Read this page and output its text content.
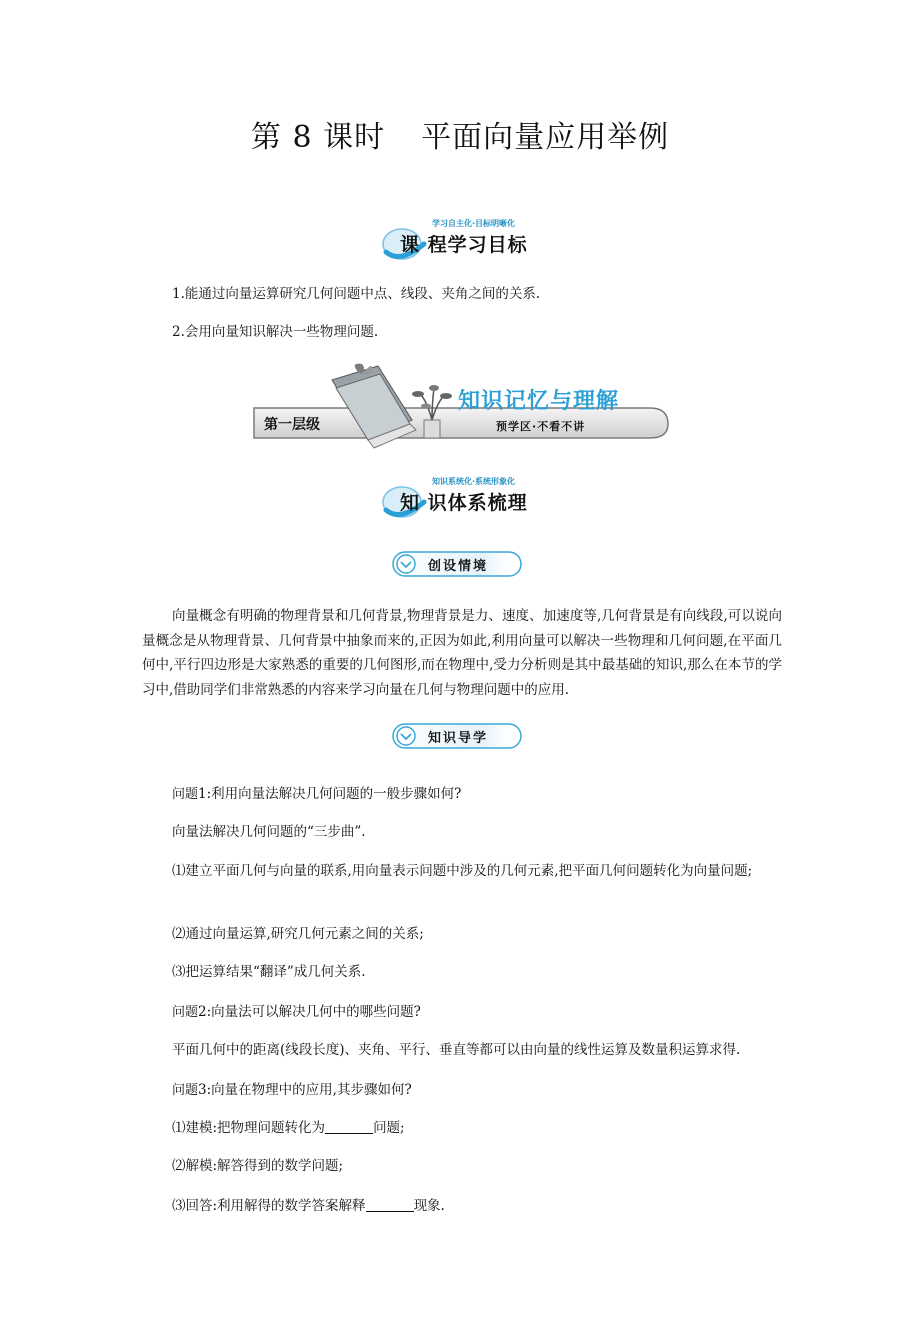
第 8 课时 平面向量应用举例
学习自主化·目标明晰化
课 程学习目标
1.能通过向量运算研究几何问题中点、线段、夹角之间的关系.
2.会用向量知识解决一些物理问题.
第一层级
知识记忆与理解
预学区·不看不讲
知识系统化·系统形象化
知 识体系梳理
创设情境
向量概念有明确的物理背景和几何背景,物理背景是力、速度、加速度等,几何背景是有向线段,可以说向量概念是从物理背景、几何背景中抽象而来的,正因为如此,利用向量可以解决一些物理和几何问题,在平面几何中,平行四边形是大家熟悉的重要的几何图形,而在物理中,受力分析则是其中最基础的知识,那么在本节的学习中,借助同学们非常熟悉的内容来学习向量在几何与物理问题中的应用.
知识导学
问题1:利用向量法解决几何问题的一般步骤如何?
向量法解决几何问题的“三步曲”.
⑴建立平面几何与向量的联系,用向量表示问题中涉及的几何元素,把平面几何问题转化为向量问题;
⑵通过向量运算,研究几何元素之间的关系;
⑶把运算结果“翻译”成几何关系.
问题2:向量法可以解决几何中的哪些问题?
平面几何中的距离(线段长度)、夹角、平行、垂直等都可以由向量的线性运算及数量积运算求得.
问题3:向量在物理中的应用,其步骤如何?
⑴建模:把物理问题转化为	问题;
⑵解模:解答得到的数学问题;
⑶回答:利用解得的数学答案解释	现象.
